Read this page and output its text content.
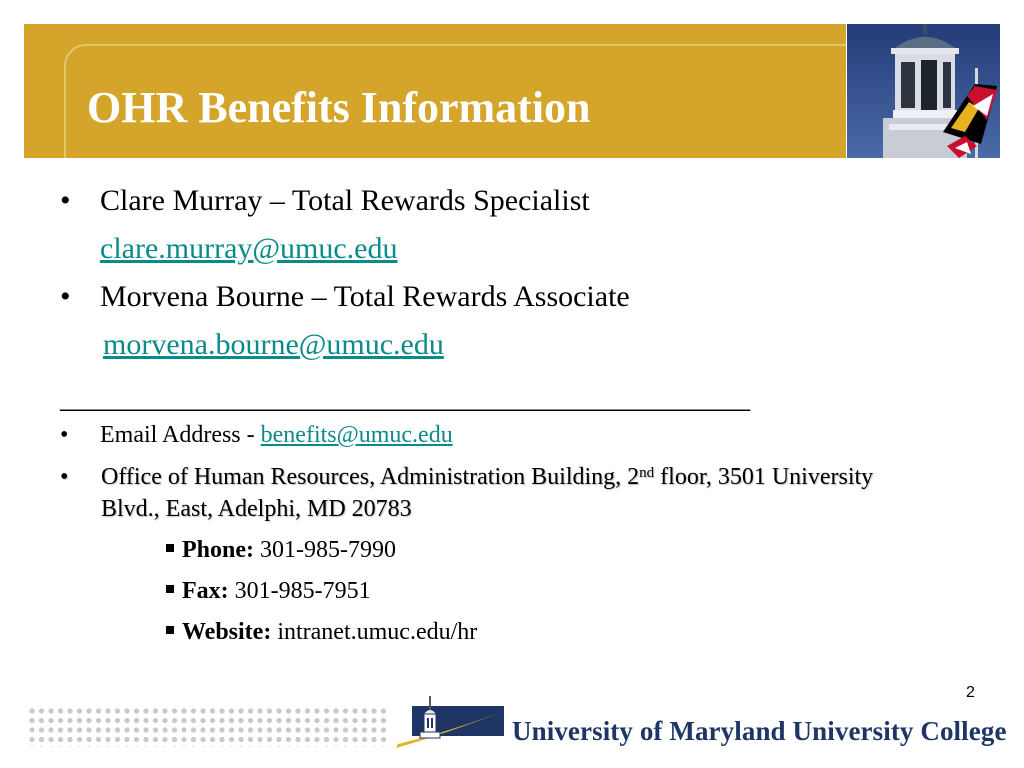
OHR Benefits Information
• Clare Murray – Total Rewards Specialist
clare.murray@umuc.edu
• Morvena Bourne – Total Rewards Associate
morvena.bourne@umuc.edu
______________________________________________
• Email Address - benefits@umuc.edu
•	Office of Human Resources, Administration Building, 2nd floor, 3501 University Blvd., East, Adelphi, MD 20783
Phone: 301-985-7990
Fax: 301-985-7951
Website: intranet.umuc.edu/hr
2
University of Maryland University College
